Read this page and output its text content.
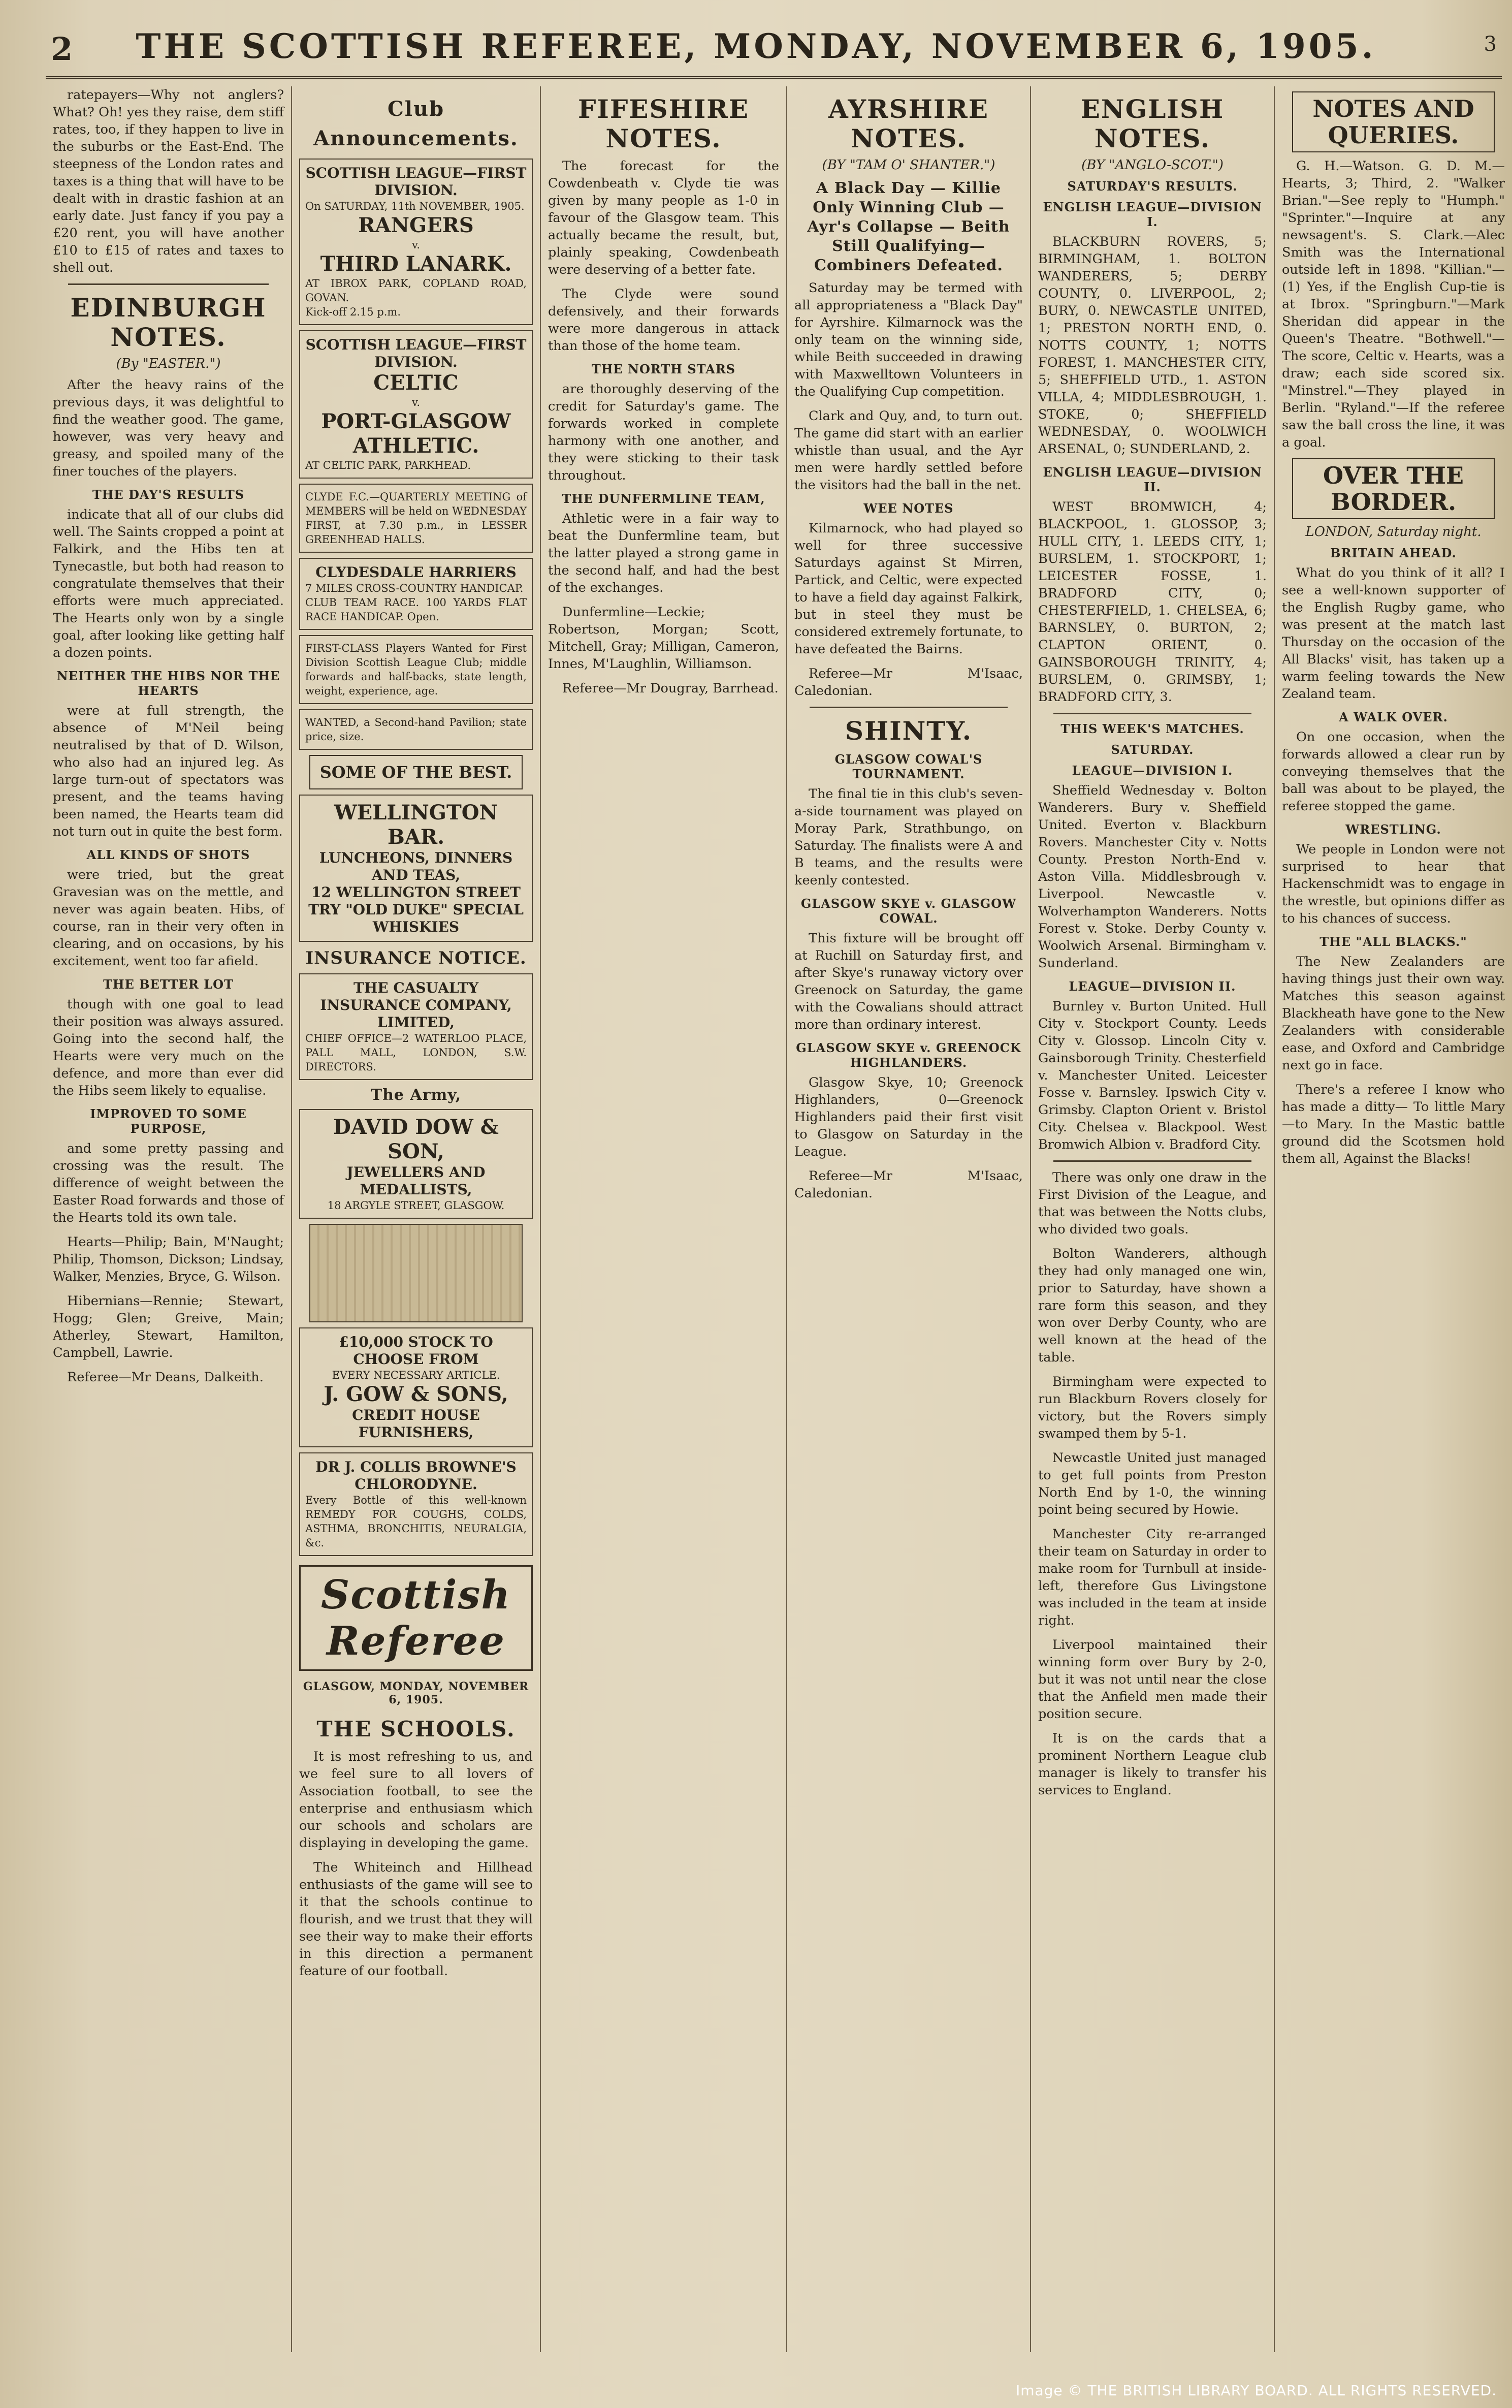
2	THE SCOTTISH REFEREE, MONDAY, NOVEMBER 6, 1905.	3

ratepayers—Why not anglers? What? Oh! yes they raise, dem stiff rates, too, if they happen to live in the suburbs or the East-End. The steepness of the London rates and taxes is a thing that will have to be dealt with in drastic fashion at an early date. Just fancy if you pay a £20 rent, you will have another £10 to £15 of rates and taxes to shell out.

EDINBURGH NOTES.
(By "EASTER.")

After the heavy rains of the previous days, it was delightful to find the weather good. The game, however, was very heavy and greasy, and spoiled many of the finer touches of the players.

THE DAY'S RESULTS

indicate that all of our clubs did well. The Saints cropped a point at Falkirk, and the Hibs ten at Tynecastle, but both had reason to congratulate themselves that their efforts were much appreciated. The Hearts only won by a single goal, after looking like getting half a dozen points.

NEITHER THE HIBS NOR THE HEARTS

were at full strength, the absence of M'Neil being neutralised by that of D. Wilson, who also had an injured leg. As large turn-out of spectators was present, and the teams having been named, the Hearts team did not turn out in quite the best form.

ALL KINDS OF SHOTS

were tried, but the great Gravesian was on the mettle, and never was again beaten. Hibs, of course, ran in their very often in clearing, and on occasions, by his excitement, went too far afield.

THE BETTER LOT

though with one goal to lead their position was always assured. Going into the second half, the Hearts were very much on the defence, and more than ever did the Hibs seem likely to equalise.

IMPROVED TO SOME PURPOSE,

and some pretty passing and crossing was the result. The difference of weight between the Easter Road forwards and those of the Hearts told its own tale.

Hearts—Philip; Bain, M'Naught; Philip, Thomson, Dickson; Lindsay, Walker, Menzies, Bryce, G. Wilson.

Hibernians—Rennie; Stewart, Hogg; Glen; Greive, Main; Atherley, Stewart, Hamilton, Campbell, Lawrie.

Referee—Mr Deans, Dalkeith.

Club Announcements.
SCOTTISH LEAGUE—FIRST DIVISION.
On SATURDAY, 11th NOVEMBER, 1905.
RANGERS
v.
THIRD LANARK.
AT IBROX PARK, COPLAND ROAD, GOVAN.
Kick-off 2.15 p.m.
SCOTTISH LEAGUE—FIRST DIVISION.
CELTIC
v.
PORT-GLASGOW ATHLETIC.
AT CELTIC PARK, PARKHEAD.
CLYDE F.C.—QUARTERLY MEETING of MEMBERS will be held on WEDNESDAY FIRST, at 7.30 p.m., in LESSER GREENHEAD HALLS.
CLYDESDALE HARRIERS
7 MILES CROSS-COUNTRY HANDICAP.
CLUB TEAM RACE. 100 YARDS FLAT RACE HANDICAP. Open.
FIRST-CLASS Players Wanted for First Division Scottish League Club; middle forwards and half-backs, state length, weight, experience, age.
WANTED, a Second-hand Pavilion; state price, size.
SOME OF THE BEST.
WELLINGTON BAR.
LUNCHEONS, DINNERS AND TEAS,
12 WELLINGTON STREET
TRY "OLD DUKE" SPECIAL WHISKIES
INSURANCE NOTICE.
THE CASUALTY INSURANCE COMPANY, LIMITED,
CHIEF OFFICE—2 WATERLOO PLACE, PALL MALL, LONDON, S.W. DIRECTORS.
The Army,
DAVID DOW & SON,
JEWELLERS AND MEDALLISTS,
18 ARGYLE STREET, GLASGOW.
£10,000 STOCK TO CHOOSE FROM
EVERY NECESSARY ARTICLE.
J. GOW & SONS,
CREDIT HOUSE FURNISHERS,
DR J. COLLIS BROWNE'S CHLORODYNE.
Every Bottle of this well-known REMEDY FOR COUGHS, COLDS, ASTHMA, BRONCHITIS, NEURALGIA, &c.
Scottish Referee
GLASGOW, MONDAY, NOVEMBER 6, 1905.
THE SCHOOLS.

It is most refreshing to us, and we feel sure to all lovers of Association football, to see the enterprise and enthusiasm which our schools and scholars are displaying in developing the game.

The Whiteinch and Hillhead enthusiasts of the game will see to it that the schools continue to flourish, and we trust that they will see their way to make their efforts in this direction a permanent feature of our football.

FIFESHIRE NOTES.

The forecast for the Cowdenbeath v. Clyde tie was given by many people as 1-0 in favour of the Glasgow team. This actually became the result, but, plainly speaking, Cowdenbeath were deserving of a better fate.

The Clyde were sound defensively, and their forwards were more dangerous in attack than those of the home team.

THE NORTH STARS

are thoroughly deserving of the credit for Saturday's game. The forwards worked in complete harmony with one another, and they were sticking to their task throughout.

THE DUNFERMLINE TEAM,

Athletic were in a fair way to beat the Dunfermline team, but the latter played a strong game in the second half, and had the best of the exchanges.

Dunfermline—Leckie; Robertson, Morgan; Scott, Mitchell, Gray; Milligan, Cameron, Innes, M'Laughlin, Williamson.

Referee—Mr Dougray, Barrhead.

AYRSHIRE NOTES.
(BY "TAM O' SHANTER.")
A Black Day — Killie Only Winning Club — Ayr's Collapse — Beith Still Qualifying—Combiners Defeated.

Saturday may be termed with all appropriateness a "Black Day" for Ayrshire. Kilmarnock was the only team on the winning side, while Beith succeeded in drawing with Maxwelltown Volunteers in the Qualifying Cup competition.

Clark and Quy, and, to turn out. The game did start with an earlier whistle than usual, and the Ayr men were hardly settled before the visitors had the ball in the net.

WEE NOTES

Kilmarnock, who had played so well for three successive Saturdays against St Mirren, Partick, and Celtic, were expected to have a field day against Falkirk, but in steel they must be considered extremely fortunate, to have defeated the Bairns.

Referee—Mr M'Isaac, Caledonian.

SHINTY.
GLASGOW COWAL'S TOURNAMENT.

The final tie in this club's seven-a-side tournament was played on Moray Park, Strathbungo, on Saturday. The finalists were A and B teams, and the results were keenly contested.

GLASGOW SKYE v. GLASGOW COWAL.

This fixture will be brought off at Ruchill on Saturday first, and after Skye's runaway victory over Greenock on Saturday, the game with the Cowalians should attract more than ordinary interest.

GLASGOW SKYE v. GREENOCK HIGHLANDERS.

Glasgow Skye, 10; Greenock Highlanders, 0—Greenock Highlanders paid their first visit to Glasgow on Saturday in the League.

Referee—Mr M'Isaac, Caledonian.

ENGLISH NOTES.
(BY "ANGLO-SCOT.")
SATURDAY'S RESULTS.
ENGLISH LEAGUE—DIVISION I.

BLACKBURN ROVERS, 5; BIRMINGHAM, 1. BOLTON WANDERERS, 5; DERBY COUNTY, 0. LIVERPOOL, 2; BURY, 0. NEWCASTLE UNITED, 1; PRESTON NORTH END, 0. NOTTS COUNTY, 1; NOTTS FOREST, 1. MANCHESTER CITY, 5; SHEFFIELD UTD., 1. ASTON VILLA, 4; MIDDLESBROUGH, 1. STOKE, 0; SHEFFIELD WEDNESDAY, 0. WOOLWICH ARSENAL, 0; SUNDERLAND, 2.

ENGLISH LEAGUE—DIVISION II.

WEST BROMWICH, 4; BLACKPOOL, 1. GLOSSOP, 3; HULL CITY, 1. LEEDS CITY, 1; BURSLEM, 1. STOCKPORT, 1; LEICESTER FOSSE, 1. BRADFORD CITY, 0; CHESTERFIELD, 1. CHELSEA, 6; BARNSLEY, 0. BURTON, 2; CLAPTON ORIENT, 0. GAINSBOROUGH TRINITY, 4; BURSLEM, 0. GRIMSBY, 1; BRADFORD CITY, 3.

THIS WEEK'S MATCHES.
SATURDAY.
LEAGUE—DIVISION I.

Sheffield Wednesday v. Bolton Wanderers. Bury v. Sheffield United. Everton v. Blackburn Rovers. Manchester City v. Notts County. Preston North-End v. Aston Villa. Middlesbrough v. Liverpool. Newcastle v. Wolverhampton Wanderers. Notts Forest v. Stoke. Derby County v. Woolwich Arsenal. Birmingham v. Sunderland.

LEAGUE—DIVISION II.

Burnley v. Burton United. Hull City v. Stockport County. Leeds City v. Glossop. Lincoln City v. Gainsborough Trinity. Chesterfield v. Manchester United. Leicester Fosse v. Barnsley. Ipswich City v. Grimsby. Clapton Orient v. Bristol City. Chelsea v. Blackpool. West Bromwich Albion v. Bradford City.

There was only one draw in the First Division of the League, and that was between the Notts clubs, who divided two goals.

Bolton Wanderers, although they had only managed one win, prior to Saturday, have shown a rare form this season, and they won over Derby County, who are well known at the head of the table.

Birmingham were expected to run Blackburn Rovers closely for victory, but the Rovers simply swamped them by 5-1.

Newcastle United just managed to get full points from Preston North End by 1-0, the winning point being secured by Howie.

Manchester City re-arranged their team on Saturday in order to make room for Turnbull at inside-left, therefore Gus Livingstone was included in the team at inside right.

Liverpool maintained their winning form over Bury by 2-0, but it was not until near the close that the Anfield men made their position secure.

It is on the cards that a prominent Northern League club manager is likely to transfer his services to England.

NOTES AND QUERIES.

G. H.—Watson. G. D. M.—Hearts, 3; Third, 2. "Walker Brian."—See reply to "Humph." "Sprinter."—Inquire at any newsagent's. S. Clark.—Alec Smith was the International outside left in 1898. "Killian."—(1) Yes, if the English Cup-tie is at Ibrox. "Springburn."—Mark Sheridan did appear in the Queen's Theatre. "Bothwell."—The score, Celtic v. Hearts, was a draw; each side scored six. "Minstrel."—They played in Berlin. "Ryland."—If the referee saw the ball cross the line, it was a goal.

OVER THE BORDER.
LONDON, Saturday night.
BRITAIN AHEAD.

What do you think of it all? I see a well-known supporter of the English Rugby game, who was present at the match last Thursday on the occasion of the All Blacks' visit, has taken up a warm feeling towards the New Zealand team.

A WALK OVER.

On one occasion, when the forwards allowed a clear run by conveying themselves that the ball was about to be played, the referee stopped the game.

WRESTLING.

We people in London were not surprised to hear that Hackenschmidt was to engage in the wrestle, but opinions differ as to his chances of success.

THE "ALL BLACKS."

The New Zealanders are having things just their own way. Matches this season against Blackheath have gone to the New Zealanders with considerable ease, and Oxford and Cambridge next go in face.

There's a referee I know who has made a ditty— To little Mary—to Mary. In the Mastic battle ground did the Scotsmen hold them all, Against the Blacks!

Image © THE BRITISH LIBRARY BOARD. ALL RIGHTS RESERVED.
